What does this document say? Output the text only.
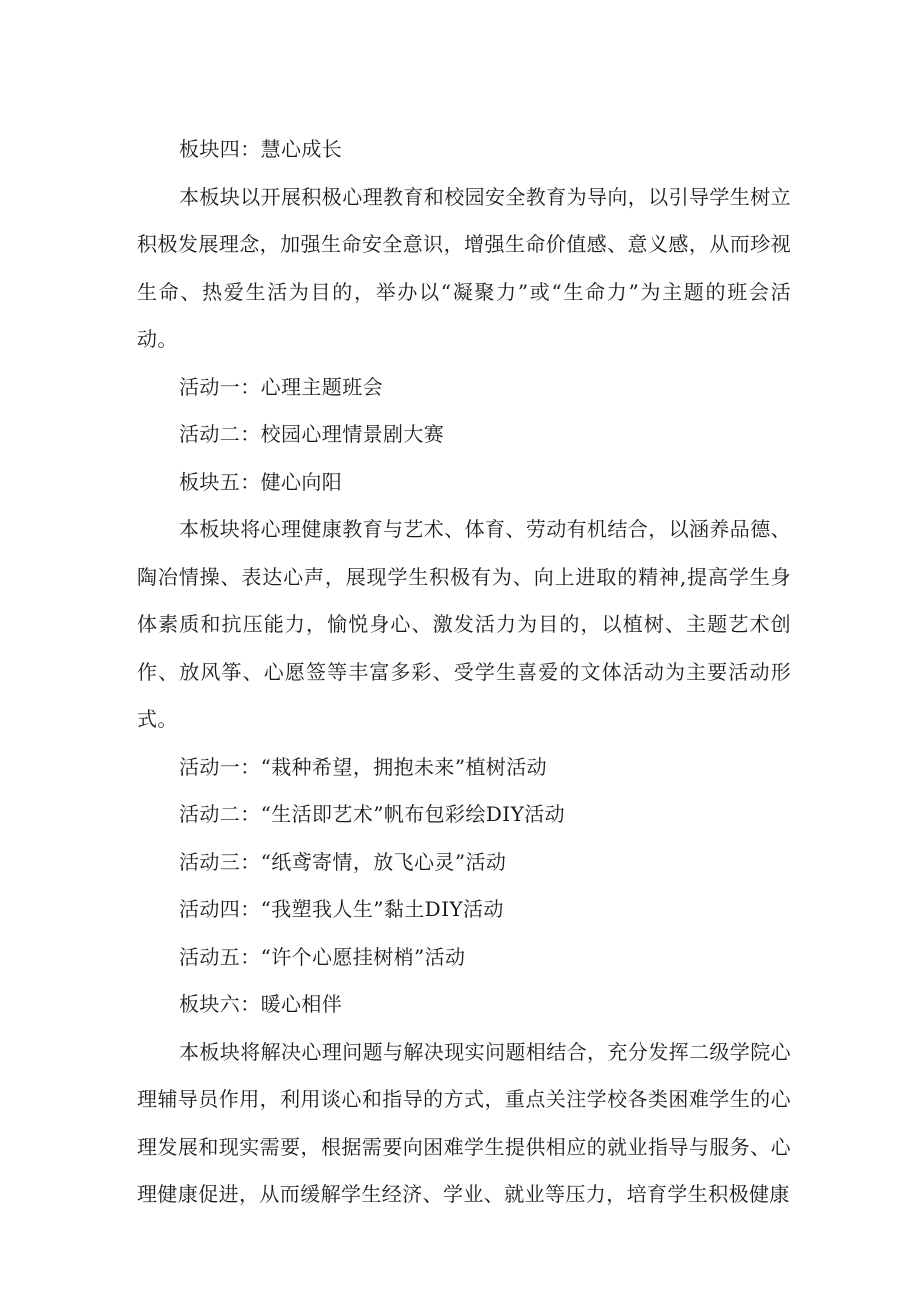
板块四：慧心成长

本板块以开展积极心理教育和校园安全教育为导向，以引导学生树立积极发展理念，加强生命安全意识，增强生命价值感、意义感，从而珍视生命、热爱生活为目的，举办以“凝聚力”或“生命力”为主题的班会活动。

活动一：心理主题班会

活动二：校园心理情景剧大赛

板块五：健心向阳

本板块将心理健康教育与艺术、体育、劳动有机结合，以涵养品德、陶冶情操、表达心声，展现学生积极有为、向上进取的精神,提高学生身体素质和抗压能力，愉悦身心、激发活力为目的，以植树、主题艺术创作、放风筝、心愿签等丰富多彩、受学生喜爱的文体活动为主要活动形式。

活动一：“栽种希望，拥抱未来”植树活动

活动二：“生活即艺术”帆布包彩绘DIY活动

活动三：“纸鸢寄情，放飞心灵”活动

活动四：“我塑我人生”黏土DIY活动

活动五：“许个心愿挂树梢”活动

板块六：暖心相伴

本板块将解决心理问题与解决现实问题相结合，充分发挥二级学院心理辅导员作用，利用谈心和指导的方式，重点关注学校各类困难学生的心理发展和现实需要，根据需要向困难学生提供相应的就业指导与服务、心理健康促进，从而缓解学生经济、学业、就业等压力，培育学生积极健康
